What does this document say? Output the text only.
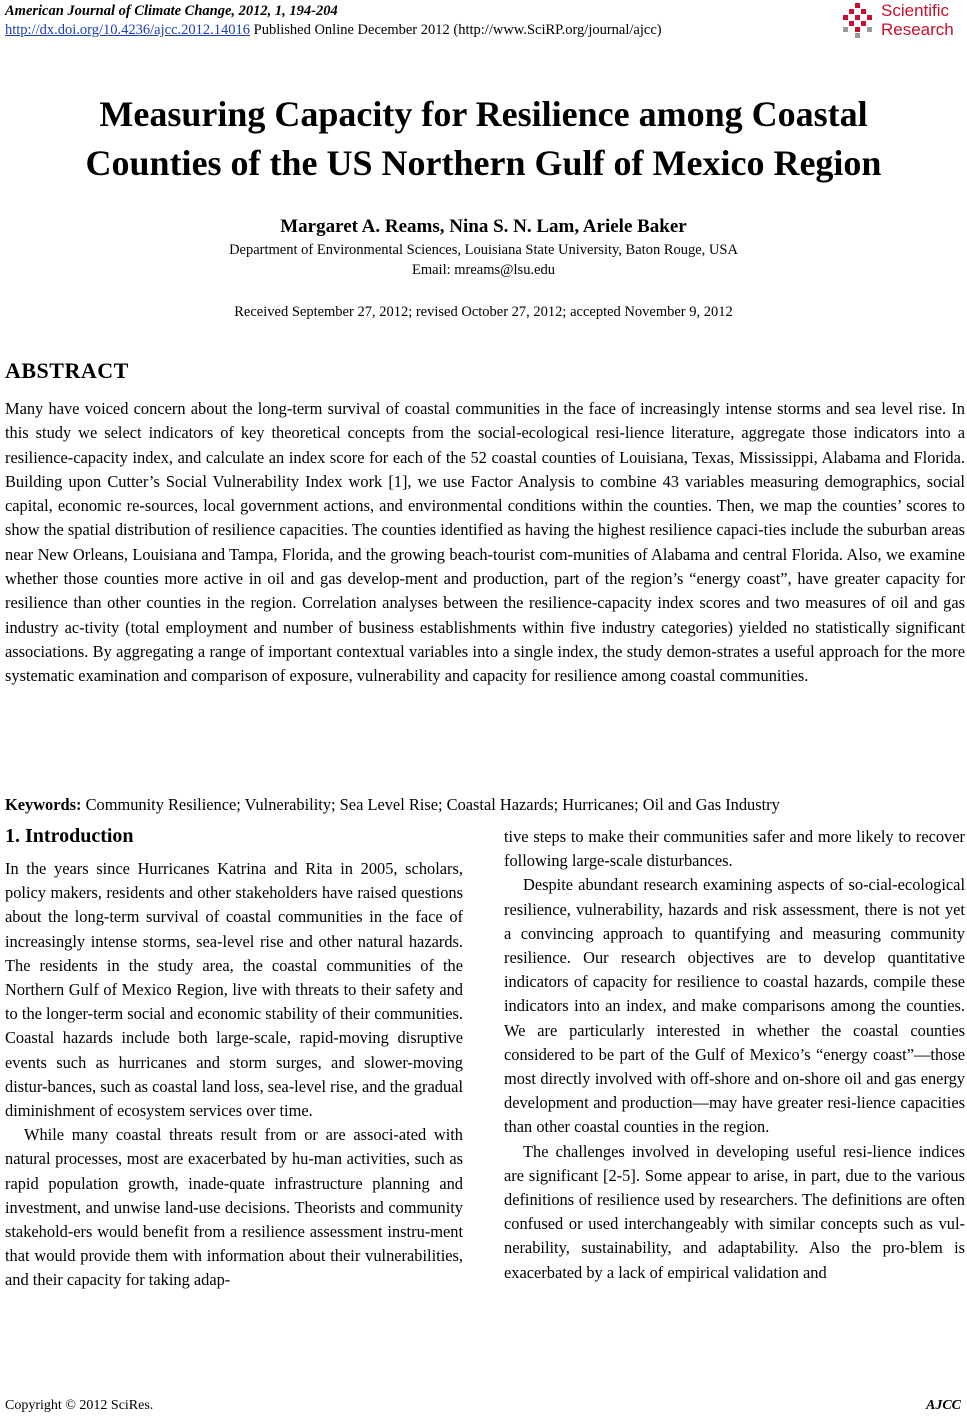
American Journal of Climate Change, 2012, 1, 194-204
http://dx.doi.org/10.4236/ajcc.2012.14016 Published Online December 2012 (http://www.SciRP.org/journal/ajcc)
Scientific
Research
Measuring Capacity for Resilience among Coastal
Counties of the US Northern Gulf of Mexico Region
Margaret A. Reams, Nina S. N. Lam, Ariele Baker
Department of Environmental Sciences, Louisiana State University, Baton Rouge, USA
Email: mreams@lsu.edu
Received September 27, 2012; revised October 27, 2012; accepted November 9, 2012
ABSTRACT
Many have voiced concern about the long-term survival of coastal communities in the face of increasingly intense storms and sea level rise. In this study we select indicators of key theoretical concepts from the social-ecological resi-lience literature, aggregate those indicators into a resilience-capacity index, and calculate an index score for each of the 52 coastal counties of Louisiana, Texas, Mississippi, Alabama and Florida. Building upon Cutter’s Social Vulnerability Index work [1], we use Factor Analysis to combine 43 variables measuring demographics, social capital, economic re-sources, local government actions, and environmental conditions within the counties. Then, we map the counties’ scores to show the spatial distribution of resilience capacities. The counties identified as having the highest resilience capaci-ties include the suburban areas near New Orleans, Louisiana and Tampa, Florida, and the growing beach-tourist com-munities of Alabama and central Florida. Also, we examine whether those counties more active in oil and gas develop-ment and production, part of the region’s “energy coast”, have greater capacity for resilience than other counties in the region. Correlation analyses between the resilience-capacity index scores and two measures of oil and gas industry ac-tivity (total employment and number of business establishments within five industry categories) yielded no statistically significant associations. By aggregating a range of important contextual variables into a single index, the study demon-strates a useful approach for the more systematic examination and comparison of exposure, vulnerability and capacity for resilience among coastal communities.
Keywords: Community Resilience; Vulnerability; Sea Level Rise; Coastal Hazards; Hurricanes; Oil and Gas Industry
1. Introduction

In the years since Hurricanes Katrina and Rita in 2005, scholars, policy makers, residents and other stakeholders have raised questions about the long-term survival of coastal communities in the face of increasingly intense storms, sea-level rise and other natural hazards. The residents in the study area, the coastal communities of the Northern Gulf of Mexico Region, live with threats to their safety and to the longer-term social and economic stability of their communities. Coastal hazards include both large-scale, rapid-moving disruptive events such as hurricanes and storm surges, and slower-moving distur-bances, such as coastal land loss, sea-level rise, and the gradual diminishment of ecosystem services over time.

While many coastal threats result from or are associ-ated with natural processes, most are exacerbated by hu-man activities, such as rapid population growth, inade-quate infrastructure planning and investment, and unwise land-use decisions. Theorists and community stakehold-ers would benefit from a resilience assessment instru-ment that would provide them with information about their vulnerabilities, and their capacity for taking adap-

tive steps to make their communities safer and more likely to recover following large-scale disturbances.

Despite abundant research examining aspects of so-cial-ecological resilience, vulnerability, hazards and risk assessment, there is not yet a convincing approach to quantifying and measuring community resilience. Our research objectives are to develop quantitative indicators of capacity for resilience to coastal hazards, compile these indicators into an index, and make comparisons among the counties. We are particularly interested in whether the coastal counties considered to be part of the Gulf of Mexico’s “energy coast”—those most directly involved with off-shore and on-shore oil and gas energy development and production—may have greater resi-lience capacities than other coastal counties in the region.

The challenges involved in developing useful resi-lience indices are significant [2-5]. Some appear to arise, in part, due to the various definitions of resilience used by researchers. The definitions are often confused or used interchangeably with similar concepts such as vul-nerability, sustainability, and adaptability. Also the pro-blem is exacerbated by a lack of empirical validation and

Copyright © 2012 SciRes.	AJCC
